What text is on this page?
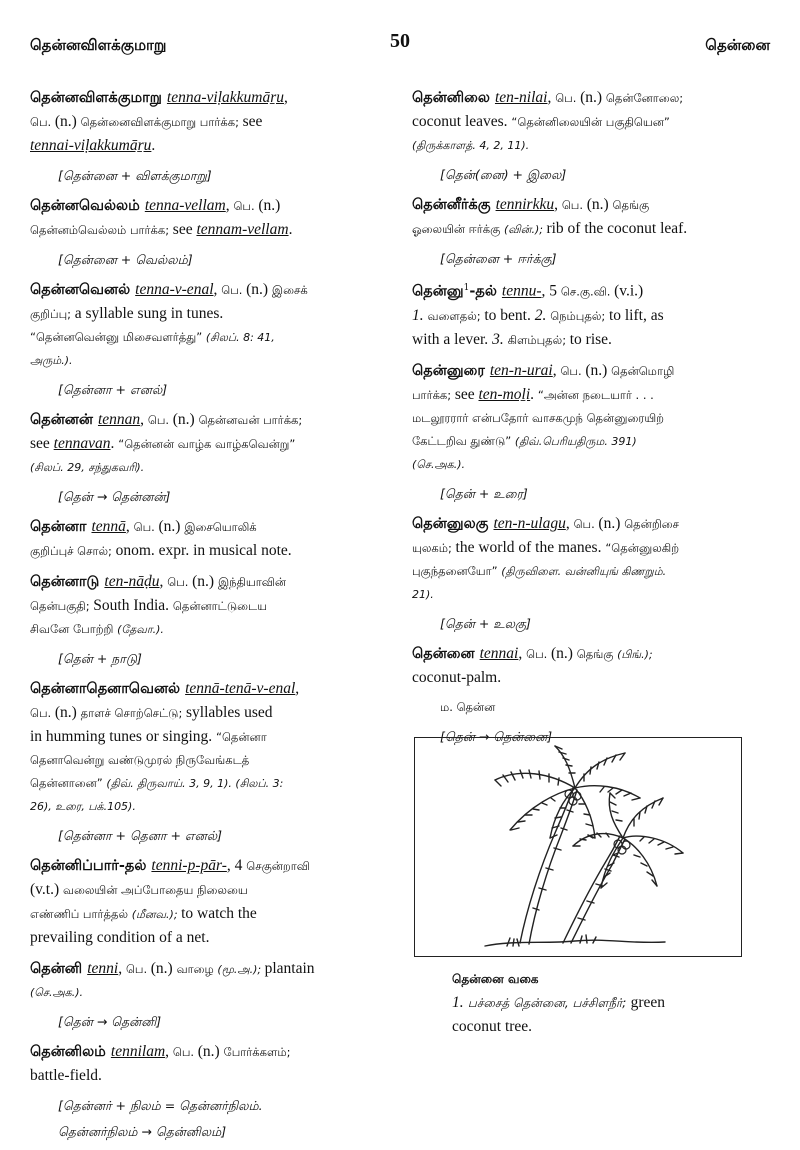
தென்னவிளக்குமாறு	50	தென்னை

தென்னவிளக்குமாறு tenna-viḷakkumāṟu,

பெ. (n.) தென்னைவிளக்குமாறு பார்க்க; see

tennai-viḷakkumāṟu.

[தென்னை + விளக்குமாறு]

தென்னவெல்லம் tenna-vellam, பெ. (n.)

தென்னம்வெல்லம் பார்க்க; see tennam-vellam.

[தென்னை + வெல்லம்]

தென்னவெனல் tenna-v-enal, பெ. (n.) இசைக்

குறிப்பு; a syllable sung in tunes.

“தென்னவென்னு மிசைவளர்த்து” (சிலப். 8: 41,

அரும்.).

[தென்னா + எனல்]

தென்னன் tennan, பெ. (n.) தென்னவன் பார்க்க;

see tennavan. “தென்னன் வாழ்க வாழ்கவென்று”

(சிலப். 29, சந்துகவரி).

[தென் → தென்னன்]

தென்னா tennā, பெ. (n.) இசையொலிக்

குறிப்புச் சொல்; onom. expr. in musical note.

தென்னாடு ten-nāḍu, பெ. (n.) இந்தியாவின்

தென்பகுதி; South India. தென்னாட்டுடைய

சிவனே போற்றி (தேவா.).

[தென் + நாடு]

தென்னாதெனாவெனல் tennā-tenā-v-enal,

பெ. (n.) தாளச் சொற்செட்டு; syllables used

in humming tunes or singing. “தென்னா

தெனாவென்று வண்டுமுரல் நிருவேங்கடத்

தென்னானை” (திவ். திருவாய். 3, 9, 1). (சிலப். 3:

26), உரை, பக்.105).

[தென்னா + தெனா + எனல்]

தென்னிப்பார்-தல் tenni-p-pār-, 4 செகுன்றாவி

(v.t.) வலையின் அப்போதைய நிலையை

எண்ணிப் பார்த்தல் (மீனவ.); to watch the

prevailing condition of a net.

தென்னி tenni, பெ. (n.) வாழை (மூ.அ.); plantain

(செ.அக.).

[தென் → தென்னி]

தென்னிலம் tennilam, பெ. (n.) போர்க்களம்;

battle-field.

[தென்னர் + நிலம் = தென்னர்நிலம்.
தென்னர்நிலம் → தென்னிலம்]

தென்னிலை ten-nilai, பெ. (n.) தென்னோலை;

coconut leaves. “தென்னிலையின் பகுதியென”

(திருக்காளத். 4, 2, 11).

[தென்(னை) + இலை]

தென்னீர்க்கு tennirkku, பெ. (n.) தெங்கு

ஓலையின் ஈர்க்கு (வின்.); rib of the coconut leaf.

[தென்னை + ஈர்க்கு]

தென்னு$^1$-தல் tennu-, 5 செ.கு.வி. (v.i.)

1. வளைதல்; to bent. 2. நெம்புதல்; to lift, as

with a lever. 3. கிளம்புதல்; to rise.

தென்னுரை ten-n-urai, பெ. (n.) தென்மொழி

பார்க்க; see ten-moḻi. “அன்ன நடையார் . . .

மடலூரரார் என்பதோர் வாசகமுந் தென்னுரையிற்

கேட்டறிவ துண்டு” (திவ்.பெரியதிரும. 391)

(செ.அக.).

[தென் + உரை]

தென்னுலகு ten-n-ulagu, பெ. (n.) தென்றிசை

யுலகம்; the world of the manes. “தென்னுலகிற்

புகுந்தனையோ” (திருவிளை. வன்னியுங் கிணறும்.

21).

[தென் + உலகு]

தென்னை tennai, பெ. (n.) தெங்கு (பிங்.);

coconut-palm.

ம. தென்ன
[தென் → தென்னை]
தென்னை வகை
1. பச்சைத் தென்னை, பச்சிளநீர்; green
coconut tree.
